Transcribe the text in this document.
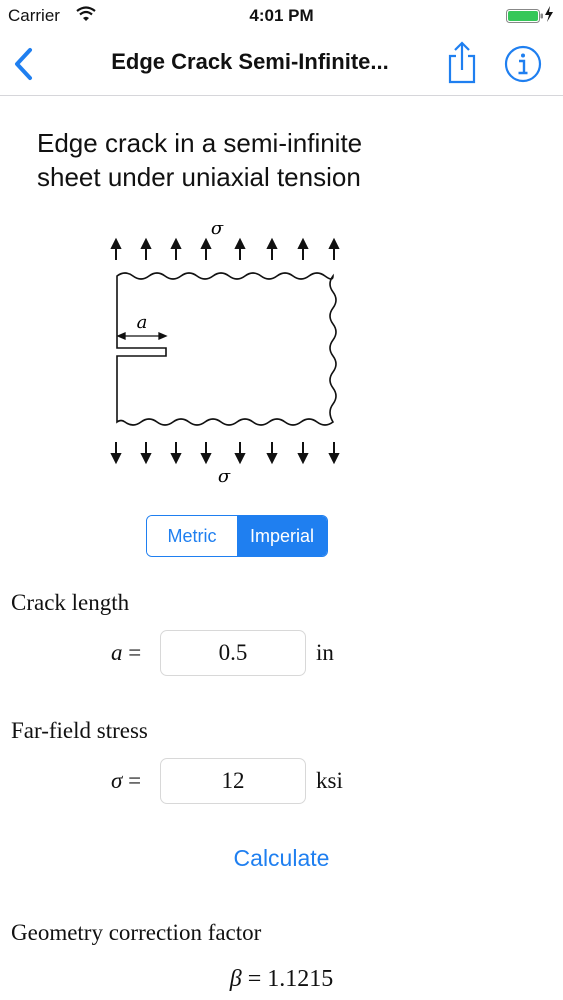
Carrier	4:01 PM
Edge Crack Semi-Infinite...
Edge crack in a semi-infinite
sheet under uniaxial tension
σ
a
σ
Metric	Imperial
Crack length
a =
0.5	in
Far-field stress
σ =
12	ksi
Calculate
Geometry correction factor
β = 1.1215
